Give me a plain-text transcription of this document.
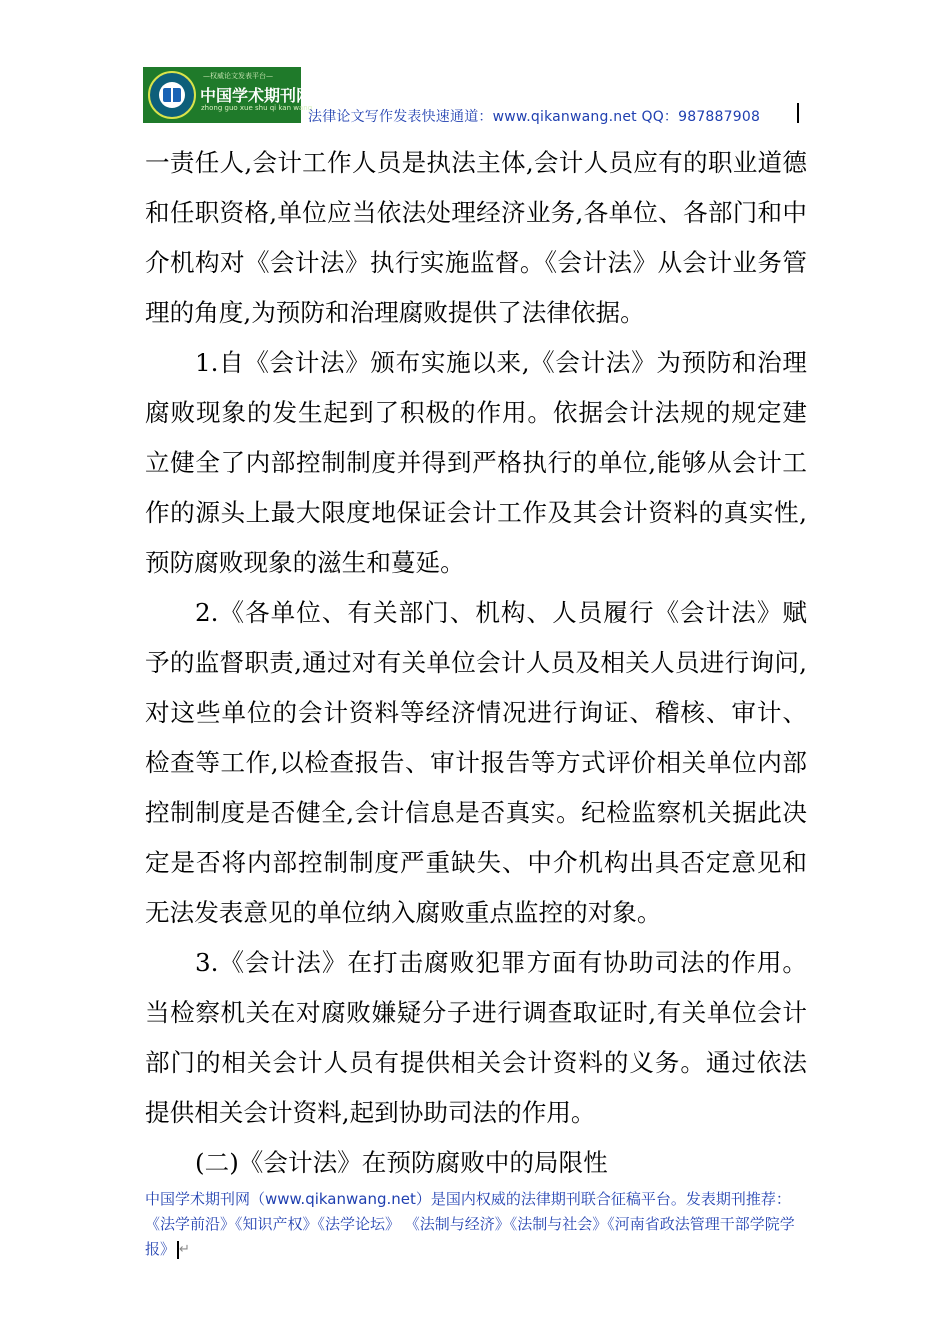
—权威论文发表平台—
中国学术期刊网
zhong guo xue shu qi kan wang
法律论文写作发表快速通道：www.qikanwang.net QQ：987887908

一责任人,会计工作人员是执法主体,会计人员应有的职业道德和任职资格,单位应当依法处理经济业务,各单位、各部门和中介机构对《会计法》执行实施监督。《会计法》从会计业务管理的角度,为预防和治理腐败提供了法律依据。

1.自《会计法》颁布实施以来,《会计法》为预防和治理腐败现象的发生起到了积极的作用。依据会计法规的规定建立健全了内部控制制度并得到严格执行的单位,能够从会计工作的源头上最大限度地保证会计工作及其会计资料的真实性,预防腐败现象的滋生和蔓延。

2.《各单位、有关部门、机构、人员履行《会计法》赋予的监督职责,通过对有关单位会计人员及相关人员进行询问,对这些单位的会计资料等经济情况进行询证、稽核、审计、检查等工作,以检查报告、审计报告等方式评价相关单位内部控制制度是否健全,会计信息是否真实。纪检监察机关据此决定是否将内部控制制度严重缺失、中介机构出具否定意见和无法发表意见的单位纳入腐败重点监控的对象。

3.《会计法》在打击腐败犯罪方面有协助司法的作用。当检察机关在对腐败嫌疑分子进行调查取证时,有关单位会计部门的相关会计人员有提供相关会计资料的义务。通过依法提供相关会计资料,起到协助司法的作用。

(二)《会计法》在预防腐败中的局限性

中国学术期刊网（www.qikanwang.net）是国内权威的法律期刊联合征稿平台。发表期刊推荐：《法学前沿》《知识产权》《法学论坛》 《法制与经济》《法制与社会》《河南省政法管理干部学院学报》 ↵
